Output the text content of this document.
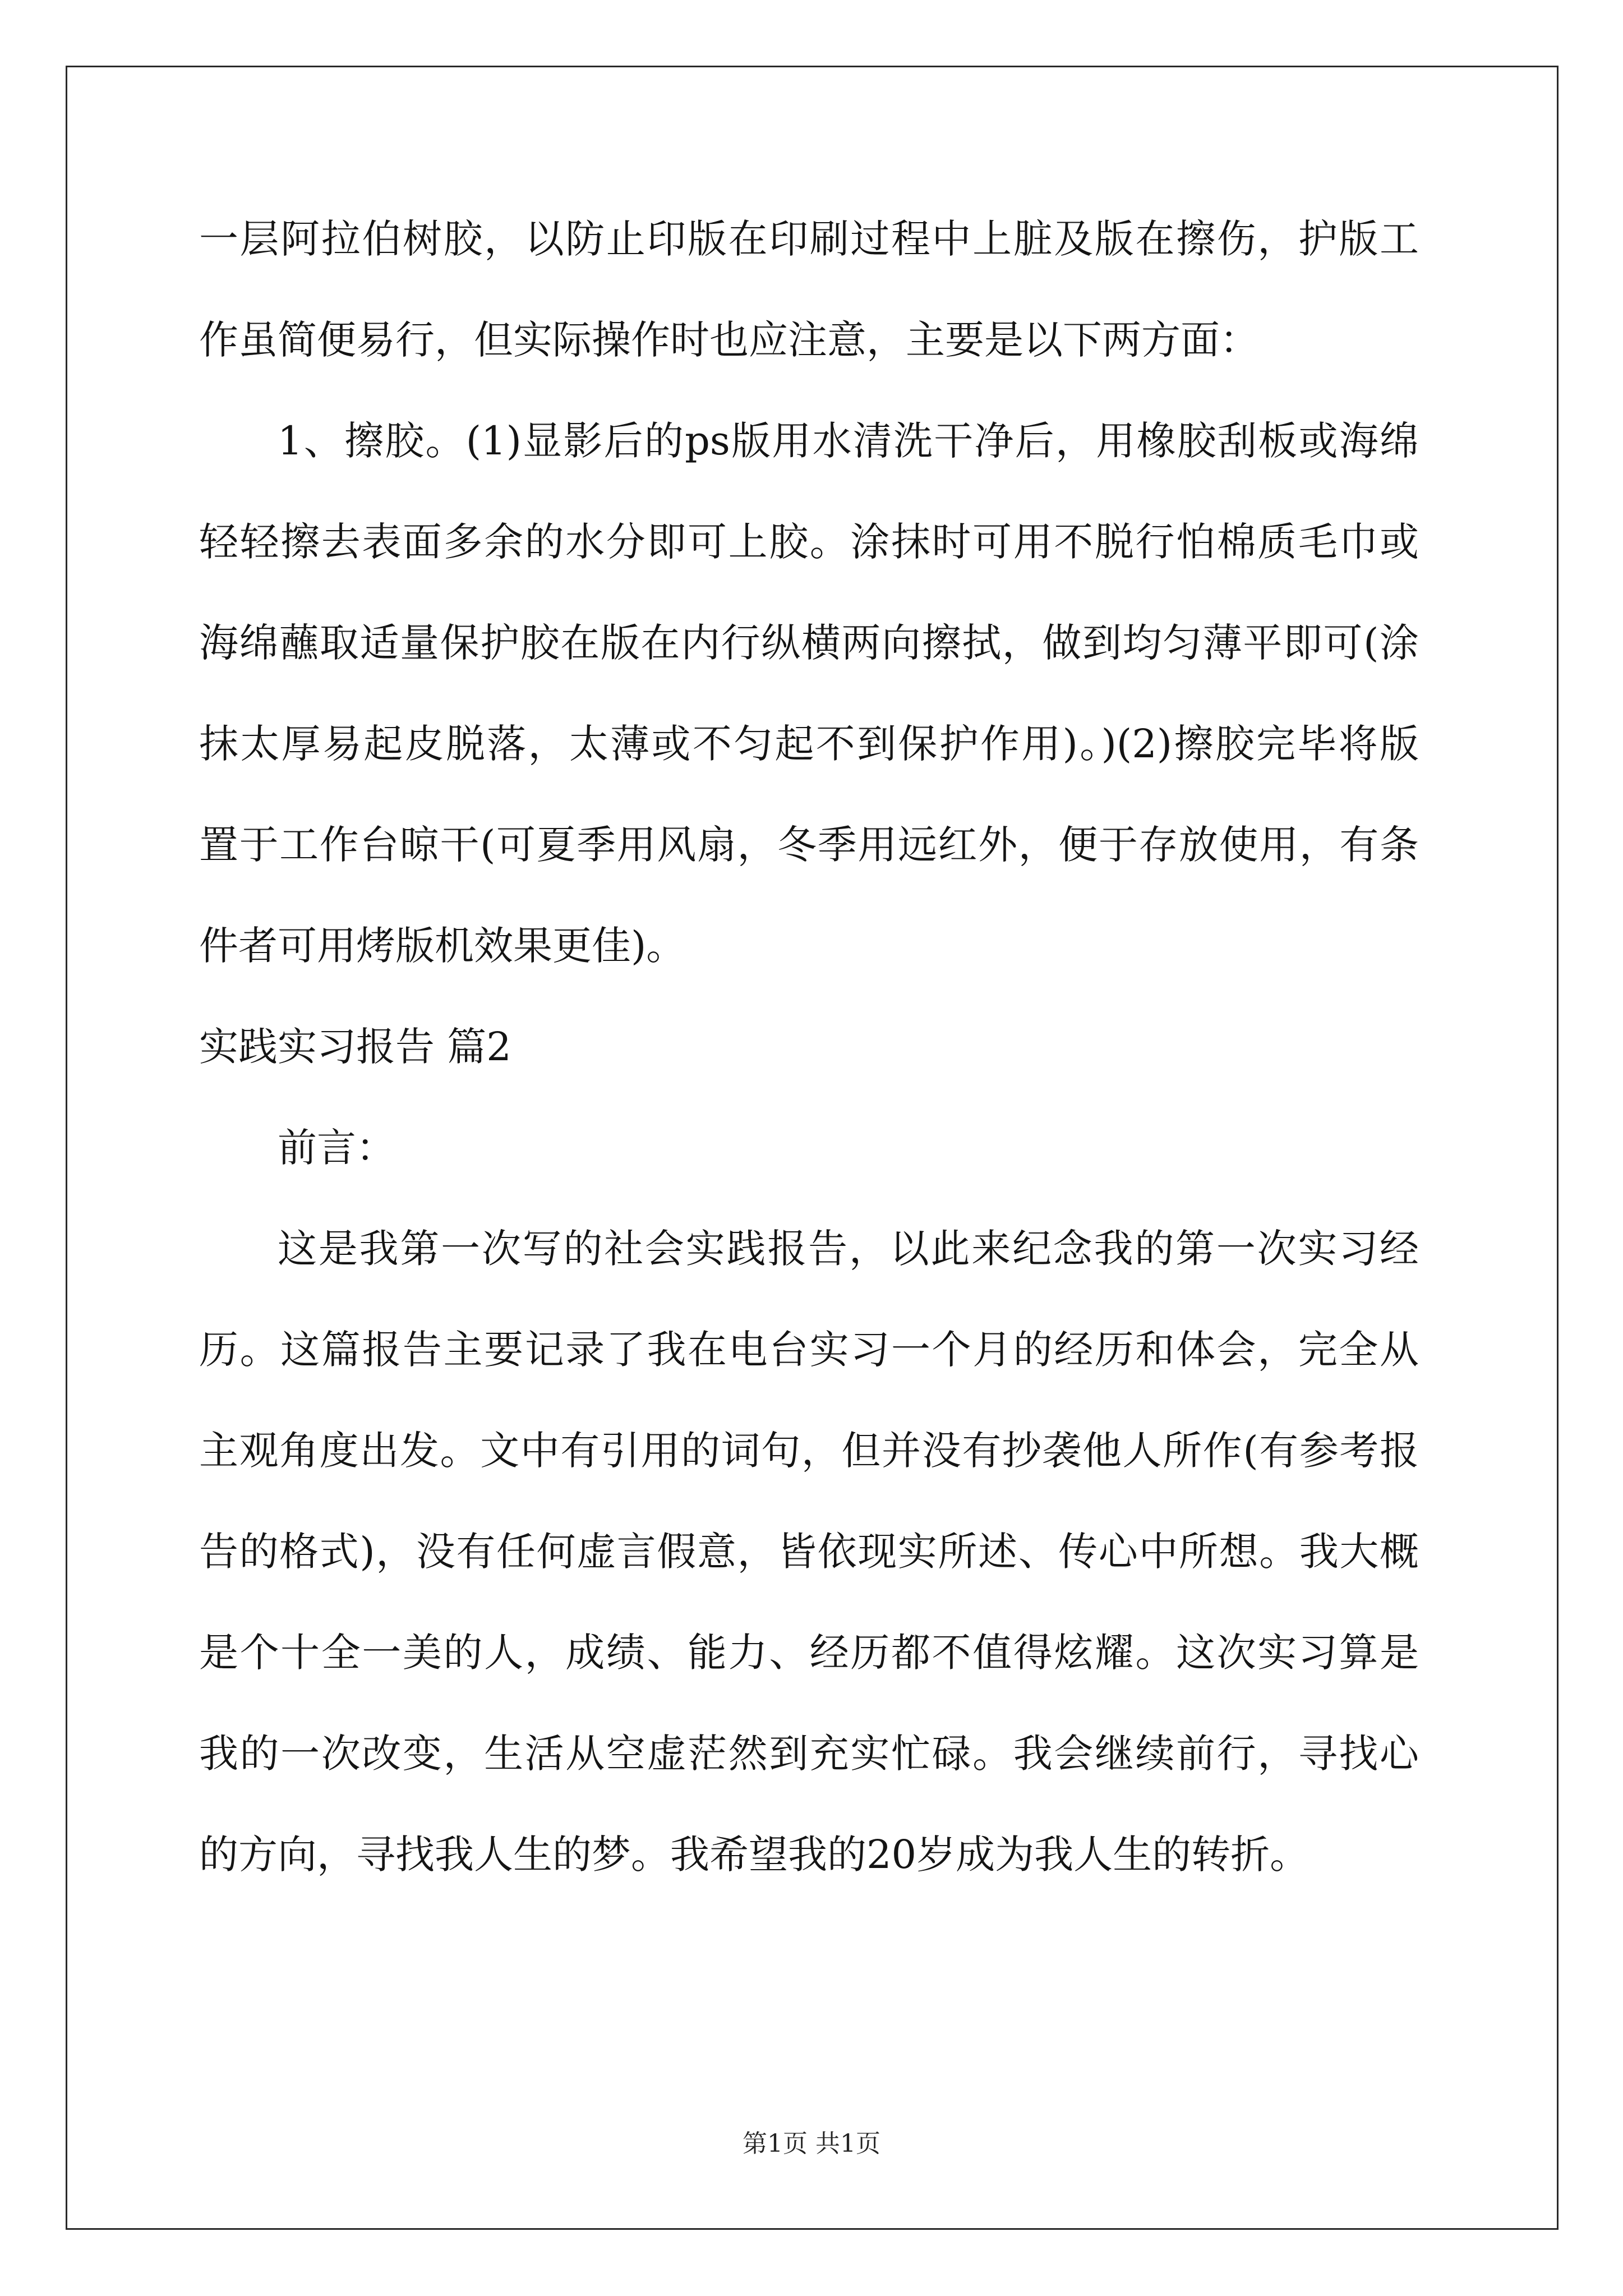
一层阿拉伯树胶，以防止印版在印刷过程中上脏及版在擦伤，护版工
作虽简便易行，但实际操作时也应注意，主要是以下两方面：
1、擦胶。(1)显影后的ps版用水清洗干净后，用橡胶刮板或海绵
轻轻擦去表面多余的水分即可上胶。涂抹时可用不脱行怕棉质毛巾或
海绵蘸取适量保护胶在版在内行纵横两向擦拭，做到均匀薄平即可(涂
抹太厚易起皮脱落，太薄或不匀起不到保护作用)。)(2)擦胶完毕将版
置于工作台晾干(可夏季用风扇，冬季用远红外，便于存放使用，有条
件者可用烤版机效果更佳)。
实践实习报告 篇2
前言：
这是我第一次写的社会实践报告，以此来纪念我的第一次实习经
历。这篇报告主要记录了我在电台实习一个月的经历和体会，完全从
主观角度出发。文中有引用的词句，但并没有抄袭他人所作(有参考报
告的格式)，没有任何虚言假意，皆依现实所述、传心中所想。我大概
是个十全一美的人，成绩、能力、经历都不值得炫耀。这次实习算是
我的一次改变，生活从空虚茫然到充实忙碌。我会继续前行，寻找心
的方向，寻找我人生的梦。我希望我的20岁成为我人生的转折。
第1页 共1页
